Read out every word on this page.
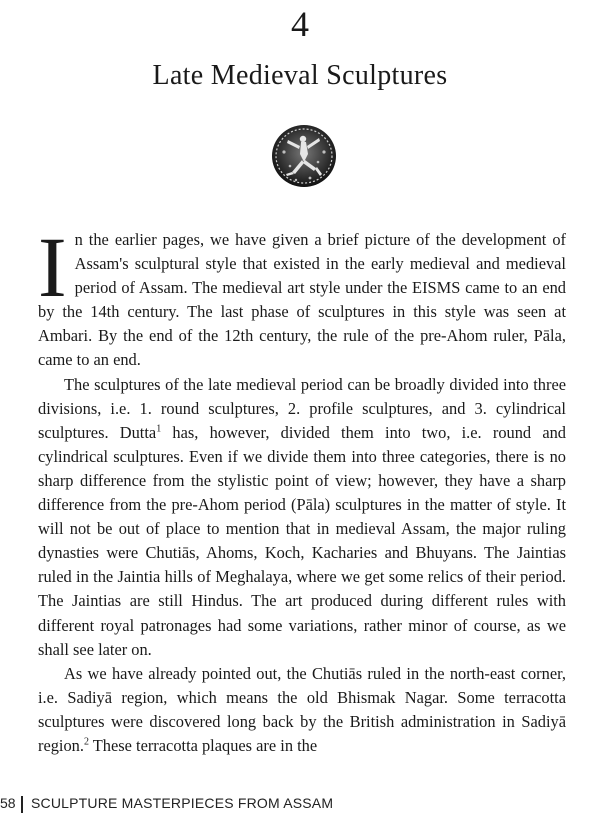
4
Late Medieval Sculptures

In the earlier pages, we have given a brief picture of the development of Assam's sculptural style that existed in the early medieval and medieval period of Assam. The medieval art style under the EISMS came to an end by the 14th century. The last phase of sculptures in this style was seen at Ambari. By the end of the 12th century, the rule of the pre-Ahom ruler, Pāla, came to an end.

The sculptures of the late medieval period can be broadly divided into three divisions, i.e. 1. round sculptures, 2. profile sculptures, and 3. cylindrical sculptures. Dutta$^1$ has, however, divided them into two, i.e. round and cylindrical sculptures. Even if we divide them into three categories, there is no sharp difference from the stylistic point of view; however, they have a sharp difference from the pre-Ahom period (Pāla) sculptures in the matter of style. It will not be out of place to mention that in medieval Assam, the major ruling dynasties were Chutiās, Ahoms, Koch, Kacharies and Bhuyans. The Jaintias ruled in the Jaintia hills of Meghalaya, where we get some relics of their period. The Jaintias are still Hindus. The art produced during different rules with different royal patronages had some variations, rather minor of course, as we shall see later on.

As we have already pointed out, the Chutiās ruled in the north-east corner, i.e. Sadiyā region, which means the old Bhismak Nagar. Some terracotta sculptures were discovered long back by the British administration in Sadiyā region.$^2$ These terracotta plaques are in the

58 SCULPTURE MASTERPIECES FROM ASSAM
